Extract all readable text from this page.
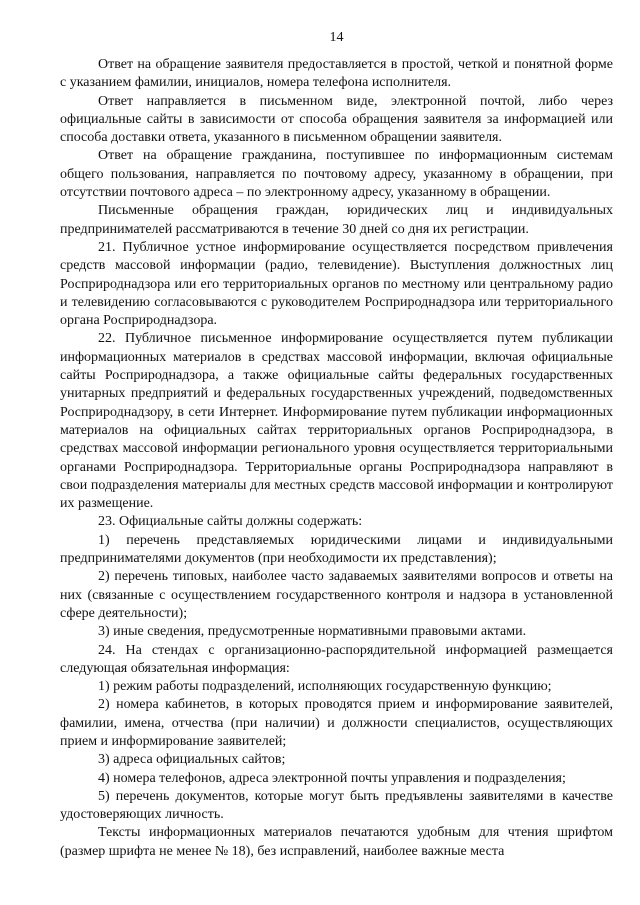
14

Ответ на обращение заявителя предоставляется в простой, четкой и понятной форме с указанием фамилии, инициалов, номера телефона исполнителя.

Ответ направляется в письменном виде, электронной почтой, либо через официальные сайты в зависимости от способа обращения заявителя за информацией или способа доставки ответа, указанного в письменном обращении заявителя.

Ответ на обращение гражданина, поступившее по информационным системам общего пользования, направляется по почтовому адресу, указанному в обращении, при отсутствии почтового адреса – по электронному адресу, указанному в обращении.

Письменные обращения граждан, юридических лиц и индивидуальных предпринимателей рассматриваются в течение 30 дней со дня их регистрации.

21. Публичное устное информирование осуществляется посредством привлечения средств массовой информации (радио, телевидение). Выступления должностных лиц Росприроднадзора или его территориальных органов по местному или центральному радио и телевидению согласовываются с руководителем Росприроднадзора или территориального органа Росприроднадзора.

22. Публичное письменное информирование осуществляется путем публикации информационных материалов в средствах массовой информации, включая официальные сайты Росприроднадзора, а также официальные сайты федеральных государственных унитарных предприятий и федеральных государственных учреждений, подведомственных Росприроднадзору, в сети Интернет. Информирование путем публикации информационных материалов на официальных сайтах территориальных органов Росприроднадзора, в средствах массовой информации регионального уровня осуществляется территориальными органами Росприроднадзора. Территориальные органы Росприроднадзора направляют в свои подразделения материалы для местных средств массовой информации и контролируют их размещение.

23. Официальные сайты должны содержать:

1) перечень представляемых юридическими лицами и индивидуальными предпринимателями документов (при необходимости их представления);

2) перечень типовых, наиболее часто задаваемых заявителями вопросов и ответы на них (связанные с осуществлением государственного контроля и надзора в установленной сфере деятельности);

3) иные сведения, предусмотренные нормативными правовыми актами.

24. На стендах с организационно-распорядительной информацией размещается следующая обязательная информация:

1) режим работы подразделений, исполняющих государственную функцию;

2) номера кабинетов, в которых проводятся прием и информирование заявителей, фамилии, имена, отчества (при наличии) и должности специалистов, осуществляющих прием и информирование заявителей;

3) адреса официальных сайтов;

4) номера телефонов, адреса электронной почты управления и подразделения;

5) перечень документов, которые могут быть предъявлены заявителями в качестве удостоверяющих личность.

Тексты информационных материалов печатаются удобным для чтения шрифтом (размер шрифта не менее № 18), без исправлений, наиболее важные места
